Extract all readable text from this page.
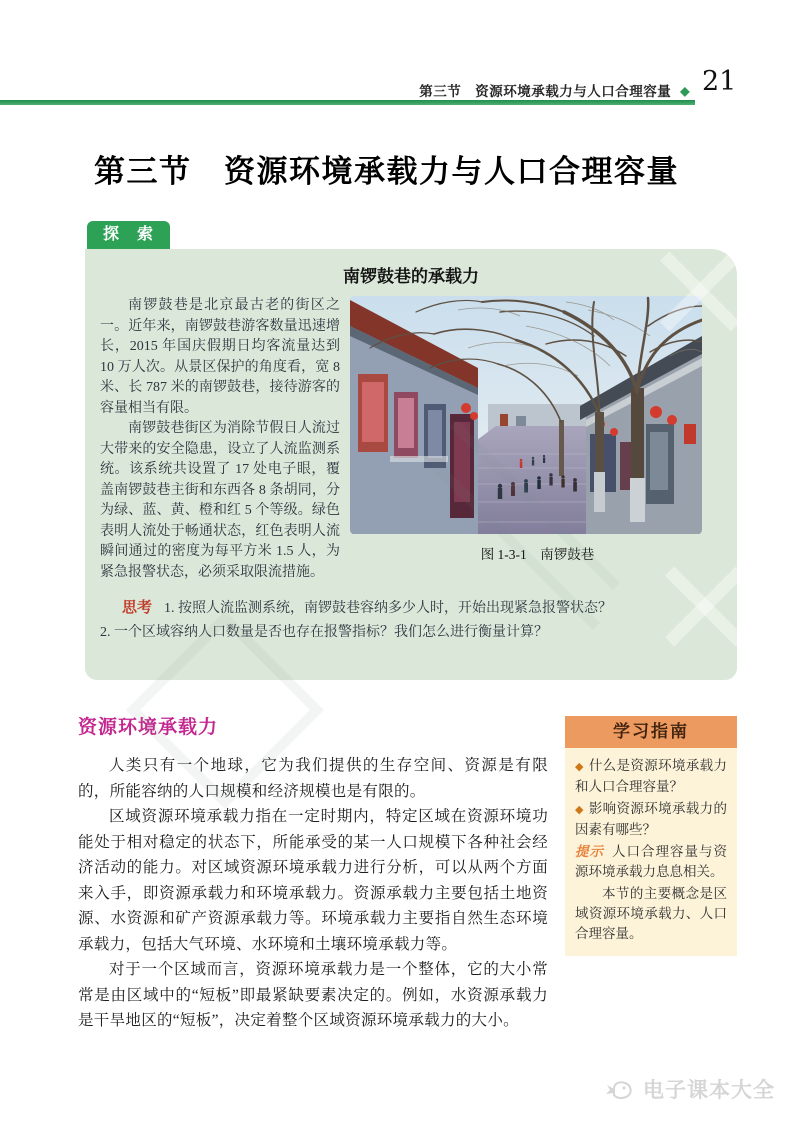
第三节　资源环境承载力与人口合理容量 ◆ 21
第三节　资源环境承载力与人口合理容量
探　索
南锣鼓巷的承载力

南锣鼓巷是北京最古老的街区之一。近年来，南锣鼓巷游客数量迅速增长，2015 年国庆假期日均客流量达到 10 万人次。从景区保护的角度看，宽 8 米、长 787 米的南锣鼓巷，接待游客的容量相当有限。

南锣鼓巷街区为消除节假日人流过大带来的安全隐患，设立了人流监测系统。该系统共设置了 17 处电子眼，覆盖南锣鼓巷主街和东西各 8 条胡同，分为绿、蓝、黄、橙和红 5 个等级。绿色表明人流处于畅通状态，红色表明人流瞬间通过的密度为每平方米 1.5 人，为紧急报警状态，必须采取限流措施。

图 1-3-1　南锣鼓巷
思考 1. 按照人流监测系统，南锣鼓巷容纳多少人时，开始出现紧急报警状态？
2. 一个区域容纳人口数量是否也存在报警指标？我们怎么进行衡量计算？
资源环境承载力

人类只有一个地球，它为我们提供的生存空间、资源是有限的，所能容纳的人口规模和经济规模也是有限的。

区域资源环境承载力指在一定时期内，特定区域在资源环境功能处于相对稳定的状态下，所能承受的某一人口规模下各种社会经济活动的能力。对区域资源环境承载力进行分析，可以从两个方面来入手，即资源承载力和环境承载力。资源承载力主要包括土地资源、水资源和矿产资源承载力等。环境承载力主要指自然生态环境承载力，包括大气环境、水环境和土壤环境承载力等。

对于一个区域而言，资源环境承载力是一个整体，它的大小常常是由区域中的“短板”即最紧缺要素决定的。例如，水资源承载力是干旱地区的“短板”，决定着整个区域资源环境承载力的大小。

学习指南

◆ 什么是资源环境承载力和人口合理容量？

◆ 影响资源环境承载力的因素有哪些？

提示 人口合理容量与资源环境承载力息息相关。

本节的主要概念是区域资源环境承载力、人口合理容量。

电子课本大全
